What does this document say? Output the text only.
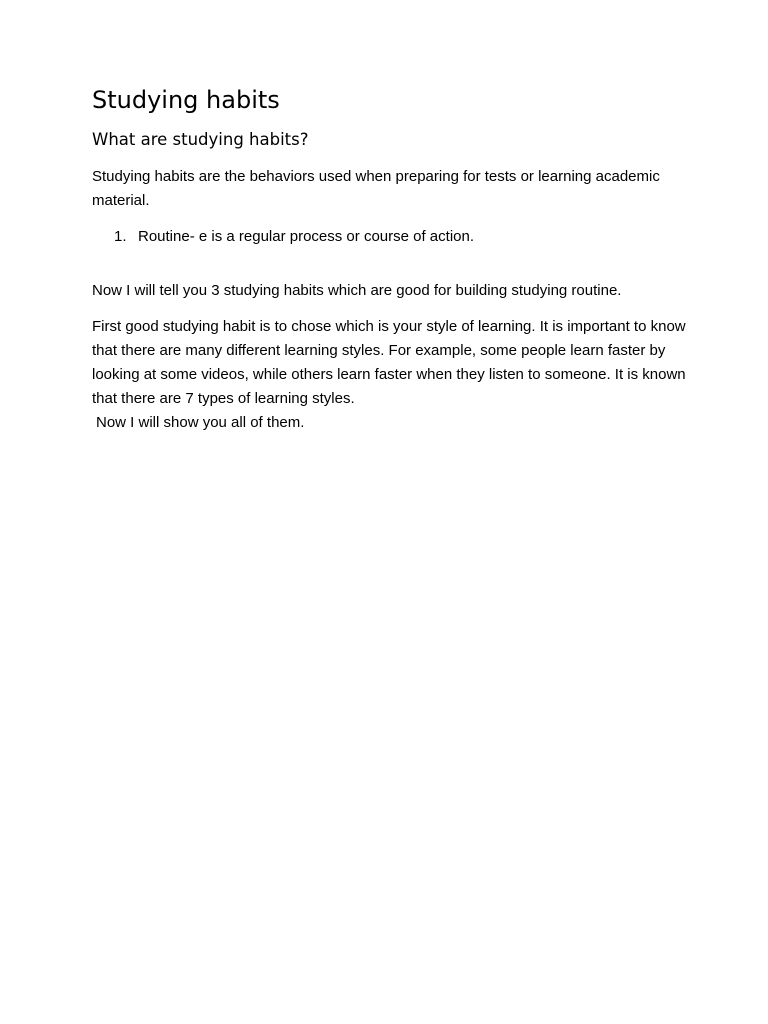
Studying habits
What are studying habits?

Studying habits are the behaviors used when preparing for tests or learning academic material.

1. Routine- e is a regular process or course of action.

Now I will tell you 3 studying habits which are good for building studying routine.

First good studying habit is to chose which is your style of learning. It is important to know that there are many different learning styles. For example, some people learn faster by looking at some videos, while others learn faster when they listen to someone. It is known that there are 7 types of learning styles.

Now I will show you all of them.
